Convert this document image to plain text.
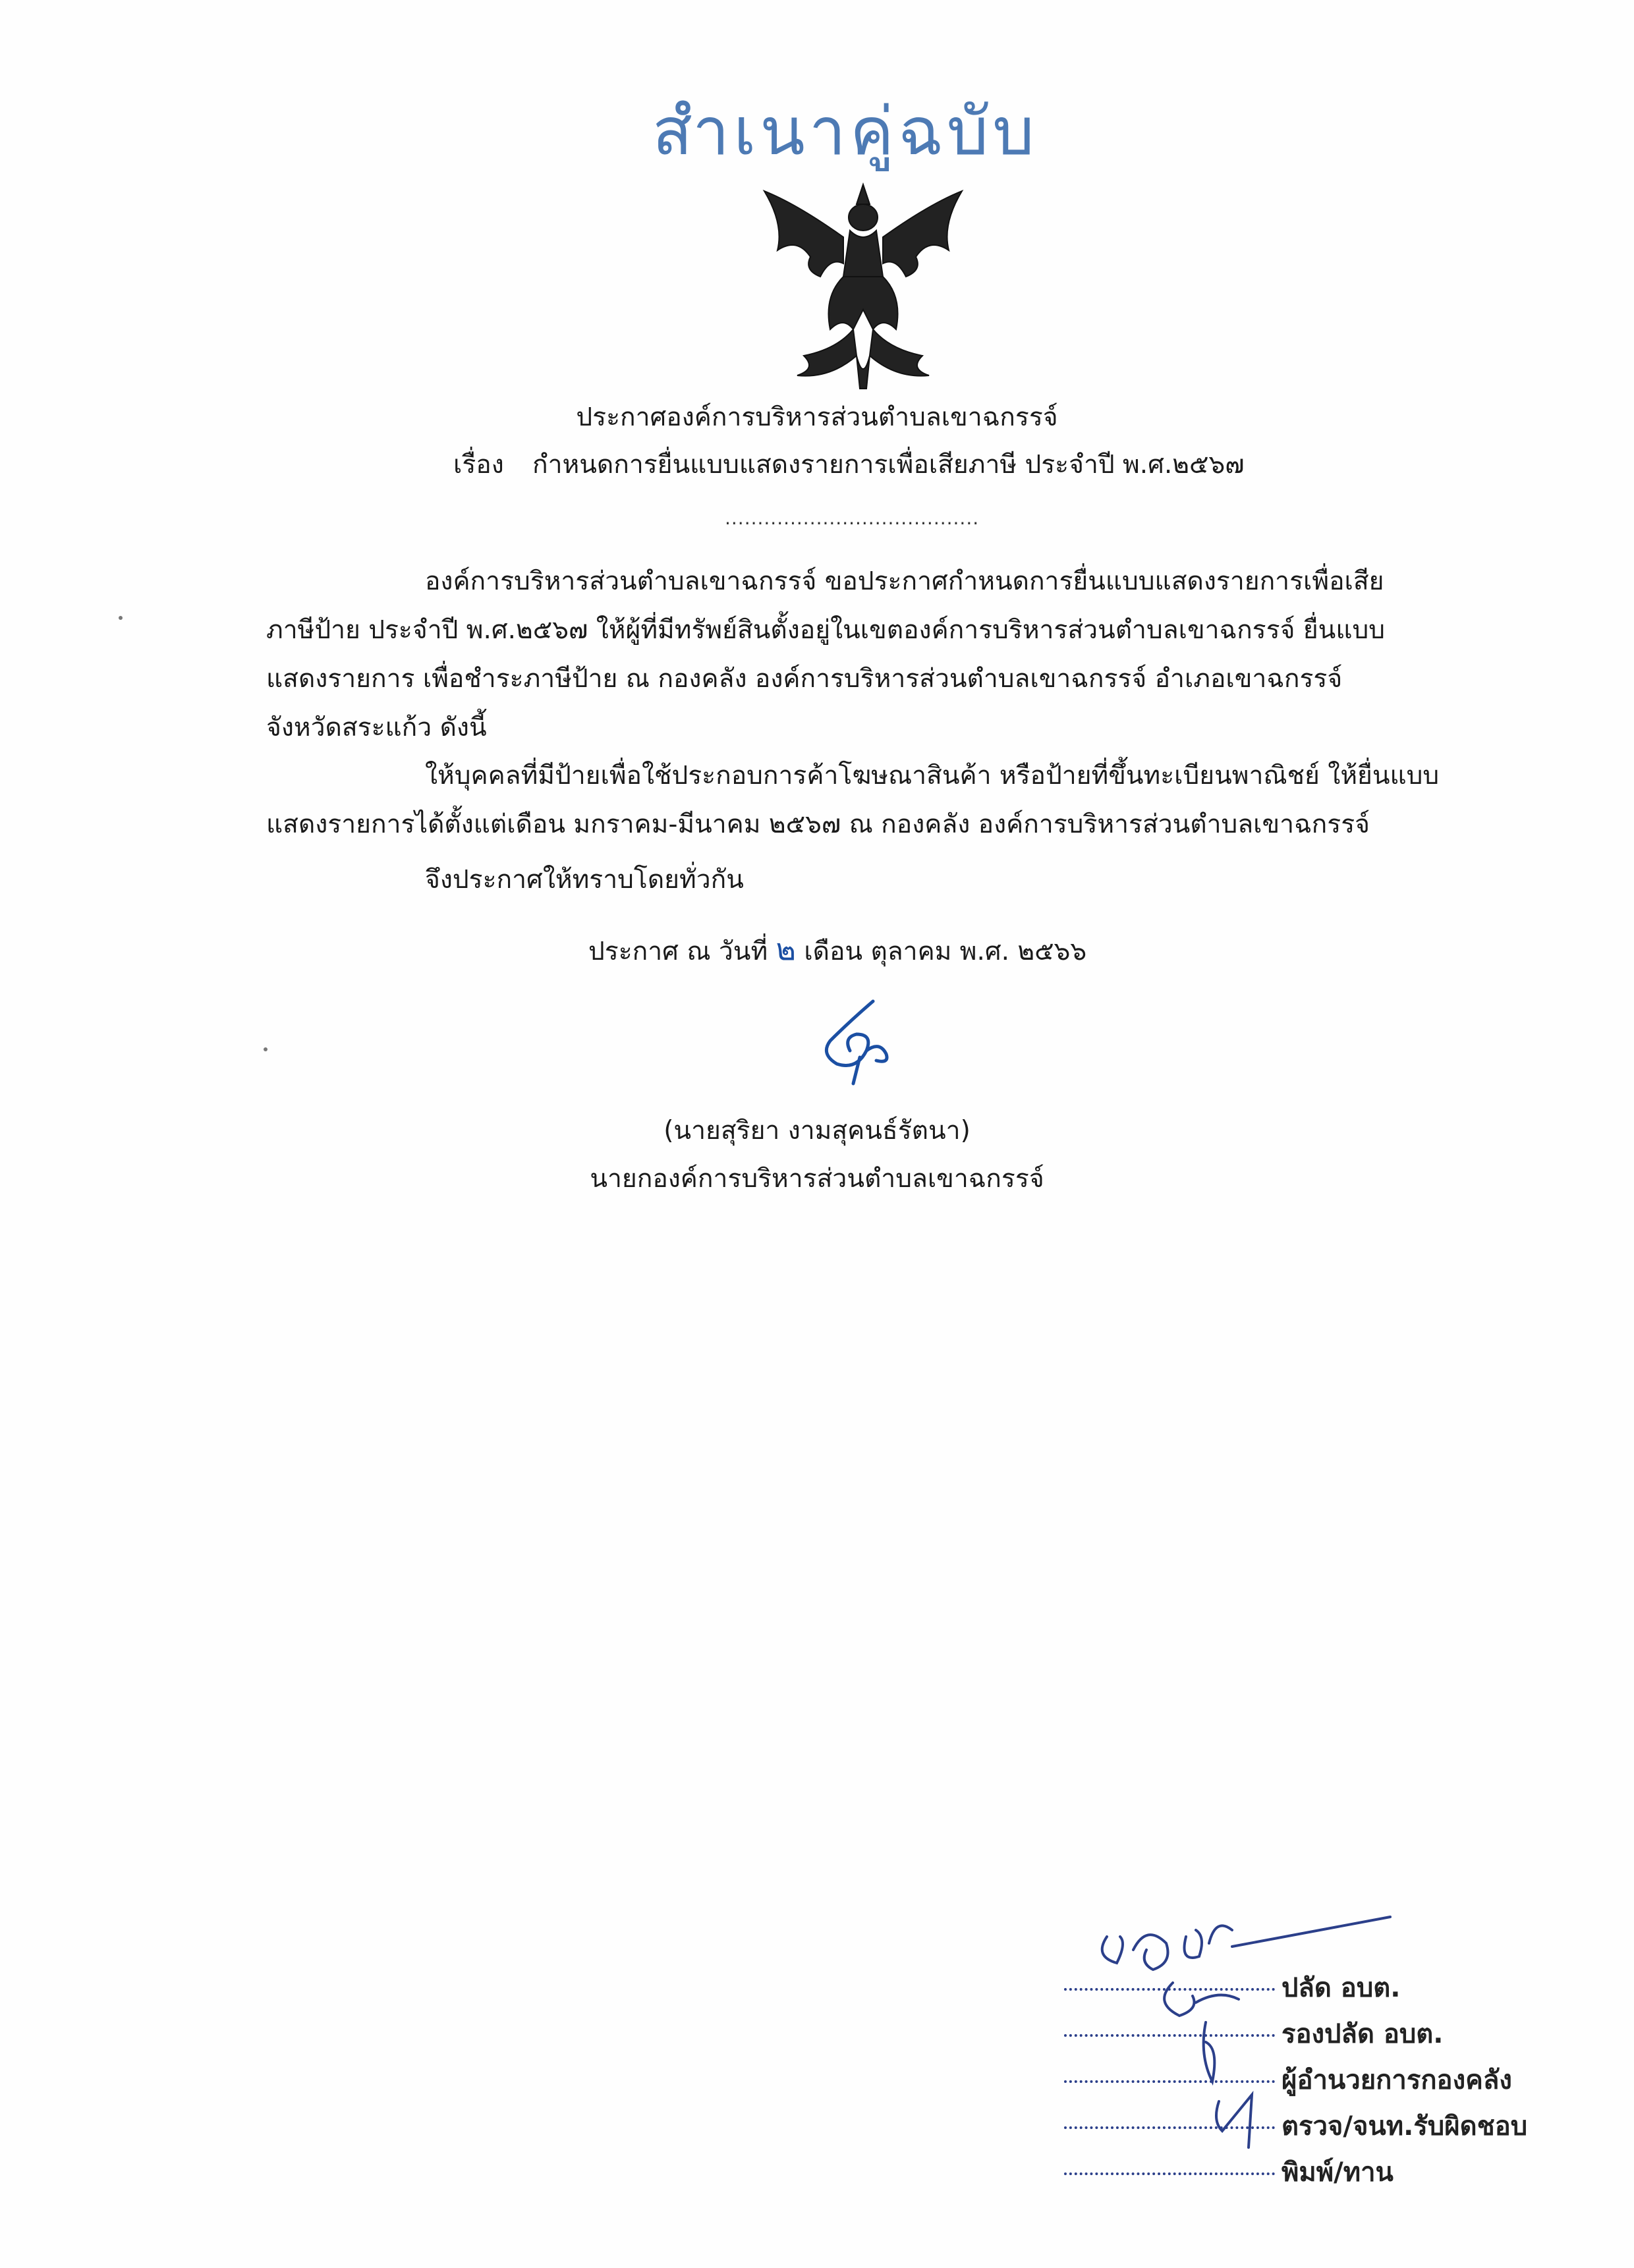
สำเนาคู่ฉบับ
ประกาศองค์การบริหารส่วนตำบลเขาฉกรรจ์
เรื่อง กำหนดการยื่นแบบแสดงรายการเพื่อเสียภาษี ประจำปี พ.ศ.๒๕๖๗
.......................................
องค์การบริหารส่วนตำบลเขาฉกรรจ์ ขอประกาศกำหนดการยื่นแบบแสดงรายการเพื่อเสีย
ภาษีป้าย ประจำปี พ.ศ.๒๕๖๗ ให้ผู้ที่มีทรัพย์สินตั้งอยู่ในเขตองค์การบริหารส่วนตำบลเขาฉกรรจ์ ยื่นแบบ
แสดงรายการ เพื่อชำระภาษีป้าย ณ กองคลัง องค์การบริหารส่วนตำบลเขาฉกรรจ์ อำเภอเขาฉกรรจ์
จังหวัดสระแก้ว ดังนี้
ให้บุคคลที่มีป้ายเพื่อใช้ประกอบการค้าโฆษณาสินค้า หรือป้ายที่ขึ้นทะเบียนพาณิชย์ ให้ยื่นแบบ
แสดงรายการได้ตั้งแต่เดือน มกราคม-มีนาคม ๒๕๖๗ ณ กองคลัง องค์การบริหารส่วนตำบลเขาฉกรรจ์
จึงประกาศให้ทราบโดยทั่วกัน
ประกาศ ณ วันที่ ๒ เดือน ตุลาคม พ.ศ. ๒๕๖๖
(นายสุริยา งามสุคนธ์รัตนา)
นายกองค์การบริหารส่วนตำบลเขาฉกรรจ์
ปลัด อบต.
รองปลัด อบต.
ผู้อำนวยการกองคลัง
ตรวจ/จนท.รับผิดชอบ
พิมพ์/ทาน
